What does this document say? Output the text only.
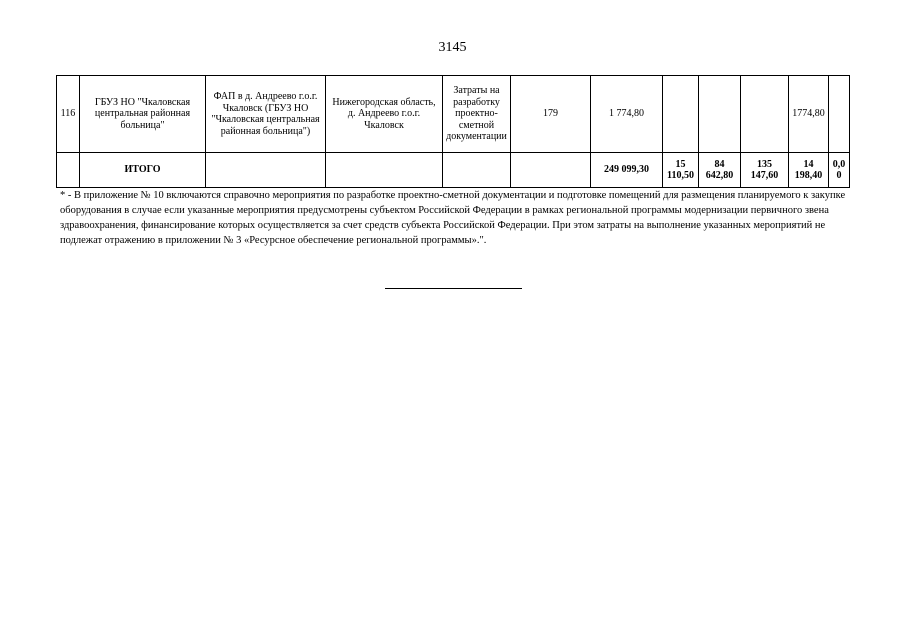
3145
116	ГБУЗ НО "Чкаловская центральная районная больница"	ФАП в д. Андреево г.о.г. Чкаловск (ГБУЗ НО "Чкаловская центральная районная больница")	Нижегородская область, д. Андреево г.о.г. Чкаловск	Затраты на разработку проектно-сметной документации	179	1 774,80				1774,80	
	ИТОГО					249 099,30	15 110,50	84 642,80	135 147,60	14 198,40	0,00
* - В приложение № 10 включаются справочно мероприятия по разработке проектно-сметной документации и подготовке помещений для размещения планируемого к закупке оборудования в случае если указанные мероприятия предусмотрены субъектом Российской Федерации в рамках региональной программы модернизации первичного звена здравоохранения, финансирование которых осуществляется за счет средств субъекта Российской Федерации. При этом затраты на выполнение указанных мероприятий не подлежат отражению в приложении № 3 «Ресурсное обеспечение региональной программы».".
